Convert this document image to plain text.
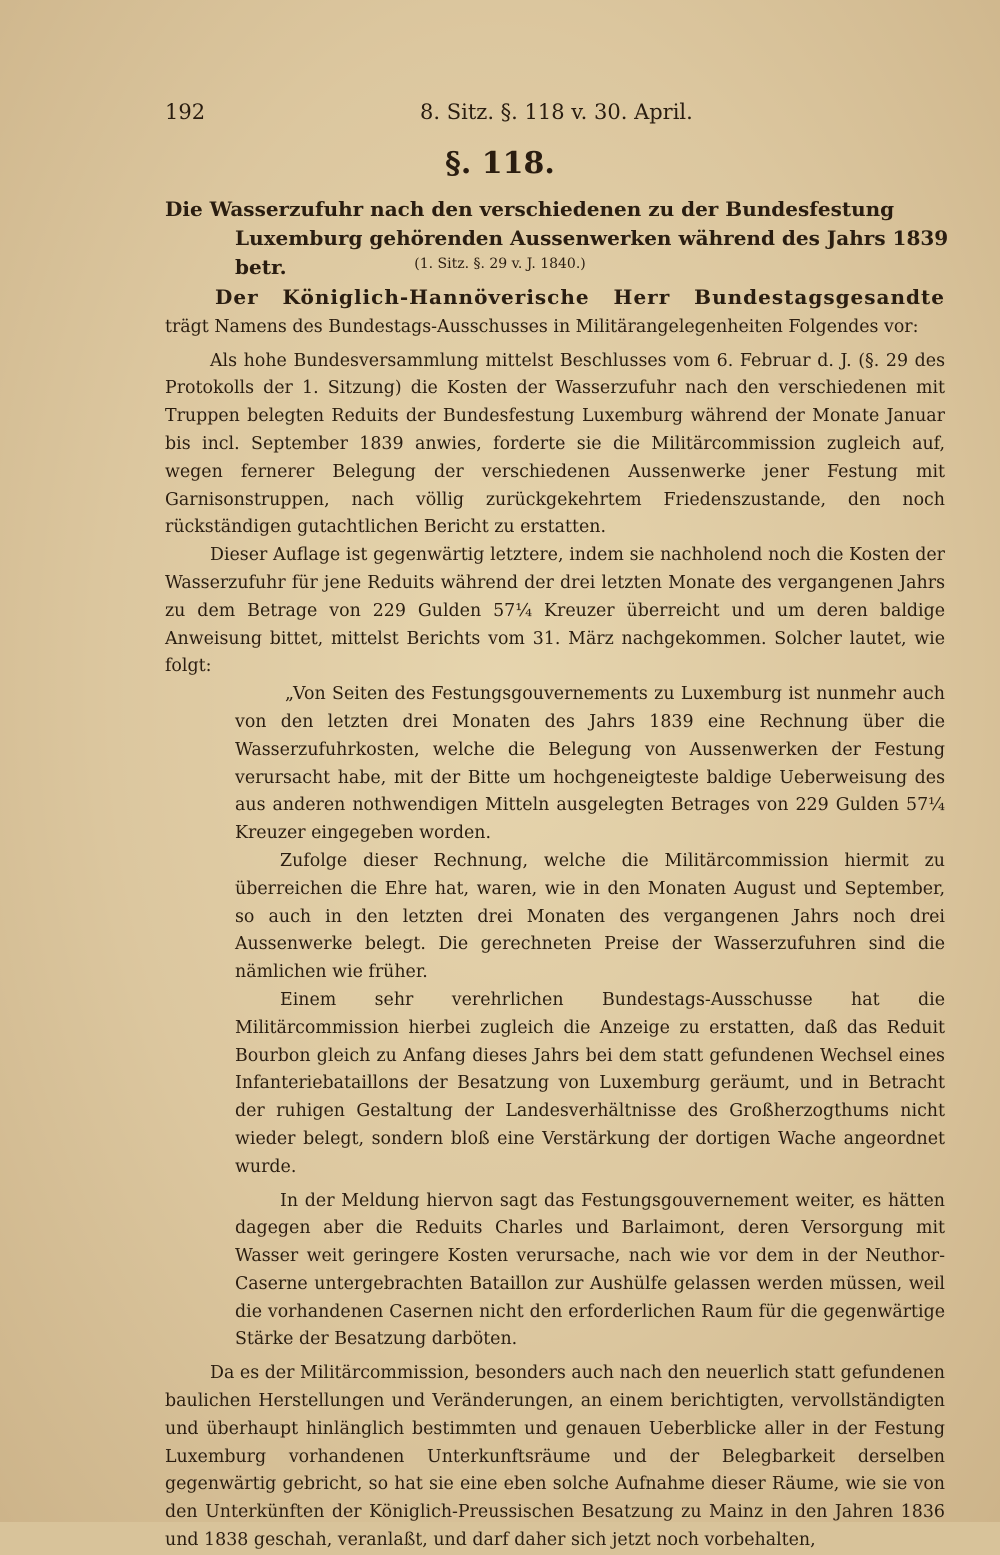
192	8. Sitz. §. 118 v. 30. April.
§. 118.
Die Wasserzufuhr nach den verschiedenen zu der Bundesfestung Luxemburg gehörenden Aussenwerken während des Jahrs 1839 betr.	(1. Sitz. §. 29 v. J. 1840.)

Der Königlich-Hannöverische Herr Bundestagsgesandte trägt Namens des Bundestags-Ausschusses in Militärangelegenheiten Folgendes vor:

Als hohe Bundesversammlung mittelst Beschlusses vom 6. Februar d. J. (§. 29 des Protokolls der 1. Sitzung) die Kosten der Wasserzufuhr nach den verschiedenen mit Truppen belegten Reduits der Bundesfestung Luxemburg während der Monate Januar bis incl. September 1839 anwies, forderte sie die Militärcommission zugleich auf, wegen fernerer Belegung der verschiedenen Aussenwerke jener Festung mit Garnisonstruppen, nach völlig zurückgekehrtem Friedenszustande, den noch rückständigen gutachtlichen Bericht zu erstatten.

Dieser Auflage ist gegenwärtig letztere, indem sie nachholend noch die Kosten der Wasserzufuhr für jene Reduits während der drei letzten Monate des vergangenen Jahrs zu dem Betrage von 229 Gulden 57¼ Kreuzer überreicht und um deren baldige Anweisung bittet, mittelst Berichts vom 31. März nachgekommen. Solcher lautet, wie folgt:

„Von Seiten des Festungsgouvernements zu Luxemburg ist nunmehr auch von den letzten drei Monaten des Jahrs 1839 eine Rechnung über die Wasserzufuhrkosten, welche die Belegung von Aussenwerken der Festung verursacht habe, mit der Bitte um hochgeneigteste baldige Ueberweisung des aus anderen nothwendigen Mitteln ausgelegten Betrages von 229 Gulden 57¼ Kreuzer eingegeben worden.

Zufolge dieser Rechnung, welche die Militärcommission hiermit zu überreichen die Ehre hat, waren, wie in den Monaten August und September, so auch in den letzten drei Monaten des vergangenen Jahrs noch drei Aussenwerke belegt. Die gerechneten Preise der Wasserzufuhren sind die nämlichen wie früher.

Einem sehr verehrlichen Bundestags-Ausschusse hat die Militärcommission hierbei zugleich die Anzeige zu erstatten, daß das Reduit Bourbon gleich zu Anfang dieses Jahrs bei dem statt gefundenen Wechsel eines Infanteriebataillons der Besatzung von Luxemburg geräumt, und in Betracht der ruhigen Gestaltung der Landesverhältnisse des Großherzogthums nicht wieder belegt, sondern bloß eine Verstärkung der dortigen Wache angeordnet wurde.

In der Meldung hiervon sagt das Festungsgouvernement weiter, es hätten dagegen aber die Reduits Charles und Barlaimont, deren Versorgung mit Wasser weit geringere Kosten verursache, nach wie vor dem in der Neuthor-Caserne untergebrachten Bataillon zur Aushülfe gelassen werden müssen, weil die vorhandenen Casernen nicht den erforderlichen Raum für die gegenwärtige Stärke der Besatzung darböten.

Da es der Militärcommission, besonders auch nach den neuerlich statt gefundenen baulichen Herstellungen und Veränderungen, an einem berichtigten, vervollständigten und überhaupt hinlänglich bestimmten und genauen Ueberblicke aller in der Festung Luxemburg vorhandenen Unterkunftsräume und der Belegbarkeit derselben gegenwärtig gebricht, so hat sie eine eben solche Aufnahme dieser Räume, wie sie von den Unterkünften der Königlich-Preussischen Besatzung zu Mainz in den Jahren 1836 und 1838 geschah, veranlaßt, und darf daher sich jetzt noch vorbehalten,
